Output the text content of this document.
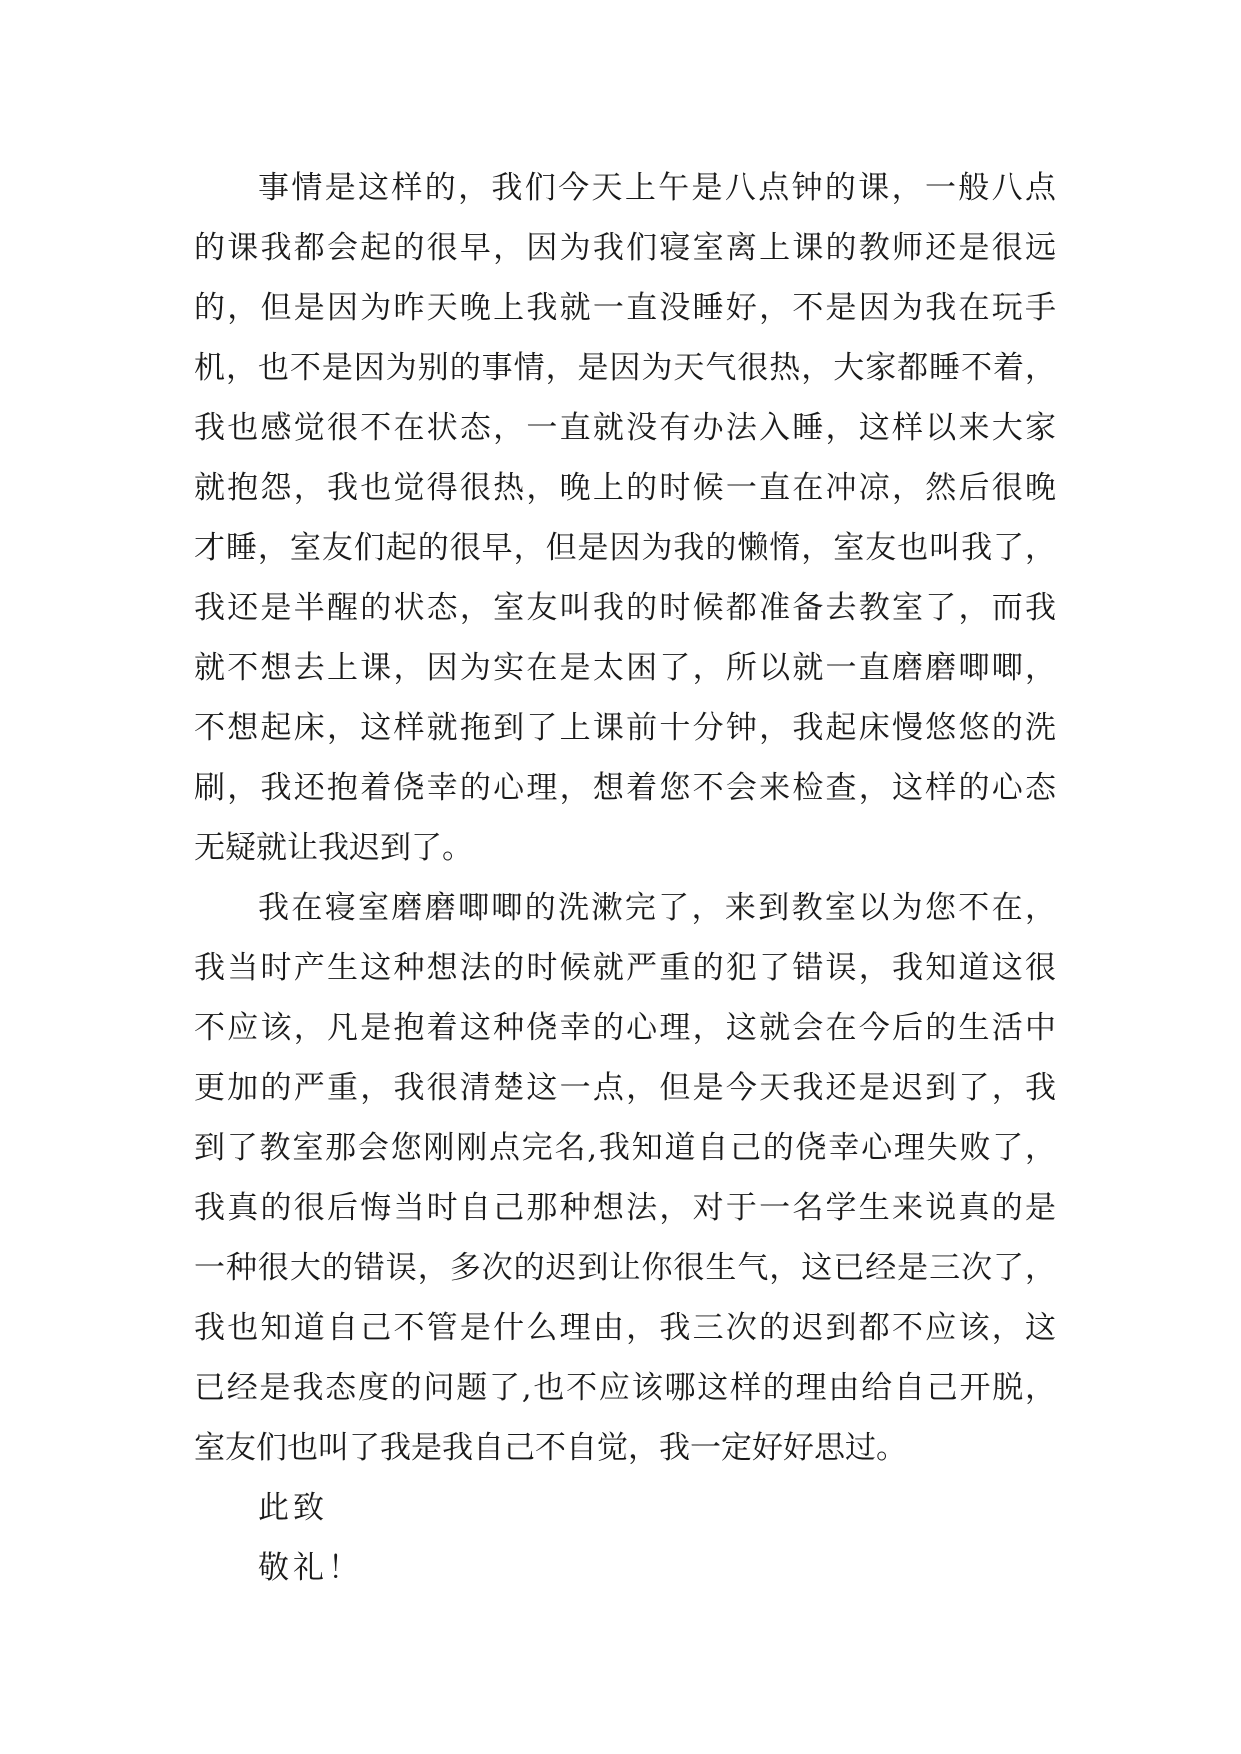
事情是这样的，我们今天上午是八点钟的课，一般八点
的课我都会起的很早，因为我们寝室离上课的教师还是很远
的，但是因为昨天晚上我就一直没睡好，不是因为我在玩手
机，也不是因为别的事情，是因为天气很热，大家都睡不着，
我也感觉很不在状态，一直就没有办法入睡，这样以来大家
就抱怨，我也觉得很热，晚上的时候一直在冲凉，然后很晚
才睡，室友们起的很早，但是因为我的懒惰，室友也叫我了，
我还是半醒的状态，室友叫我的时候都准备去教室了，而我
就不想去上课，因为实在是太困了，所以就一直磨磨唧唧，
不想起床，这样就拖到了上课前十分钟，我起床慢悠悠的洗
刷，我还抱着侥幸的心理，想着您不会来检查，这样的心态
无疑就让我迟到了。
我在寝室磨磨唧唧的洗漱完了，来到教室以为您不在，
我当时产生这种想法的时候就严重的犯了错误，我知道这很
不应该，凡是抱着这种侥幸的心理，这就会在今后的生活中
更加的严重，我很清楚这一点，但是今天我还是迟到了，我
到了教室那会您刚刚点完名,我知道自己的侥幸心理失败了，
我真的很后悔当时自己那种想法，对于一名学生来说真的是
一种很大的错误，多次的迟到让你很生气，这已经是三次了，
我也知道自己不管是什么理由，我三次的迟到都不应该，这
已经是我态度的问题了,也不应该哪这样的理由给自己开脱，
室友们也叫了我是我自己不自觉，我一定好好思过。
此致
敬礼！
